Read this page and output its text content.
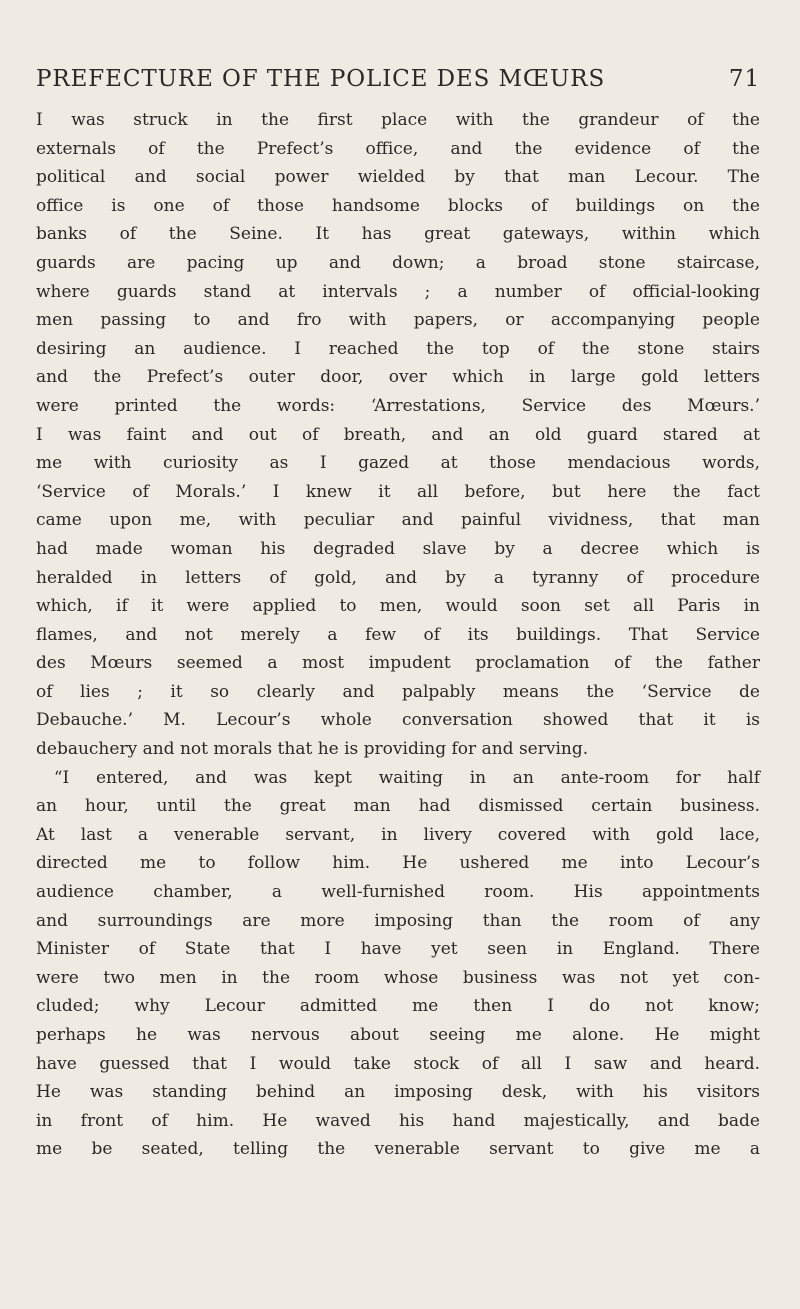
PREFECTURE OF THE POLICE DES MŒURS	71
I was struck in the first place with the grandeur of the
externals of the Prefect’s office, and the evidence of the
political and social power wielded by that man Lecour. The
office is one of those handsome blocks of buildings on the
banks of the Seine. It has great gateways, within which
guards are pacing up and down; a broad stone staircase,
where guards stand at intervals ; a number of official-looking
men passing to and fro with papers, or accompanying people
desiring an audience. I reached the top of the stone stairs
and the Prefect’s outer door, over which in large gold letters
were printed the words: ‘Arrestations, Service des Mœurs.’
I was faint and out of breath, and an old guard stared at
me with curiosity as I gazed at those mendacious words,
‘Service of Morals.’ I knew it all before, but here the fact
came upon me, with peculiar and painful vividness, that man
had made woman his degraded slave by a decree which is
heralded in letters of gold, and by a tyranny of procedure
which, if it were applied to men, would soon set all Paris in
flames, and not merely a few of its buildings. That Service
des Mœurs seemed a most impudent proclamation of the father
of lies ; it so clearly and palpably means the ‘Service de
Debauche.’ M. Lecour’s whole conversation showed that it is
debauchery and not morals that he is providing for and serving.
“I entered, and was kept waiting in an ante-room for half
an hour, until the great man had dismissed certain business.
At last a venerable servant, in livery covered with gold lace,
directed me to follow him. He ushered me into Lecour’s
audience chamber, a well-furnished room. His appointments
and surroundings are more imposing than the room of any
Minister of State that I have yet seen in England. There
were two men in the room whose business was not yet con-
cluded; why Lecour admitted me then I do not know;
perhaps he was nervous about seeing me alone. He might
have guessed that I would take stock of all I saw and heard.
He was standing behind an imposing desk, with his visitors
in front of him. He waved his hand majestically, and bade
me be seated, telling the venerable servant to give me a
